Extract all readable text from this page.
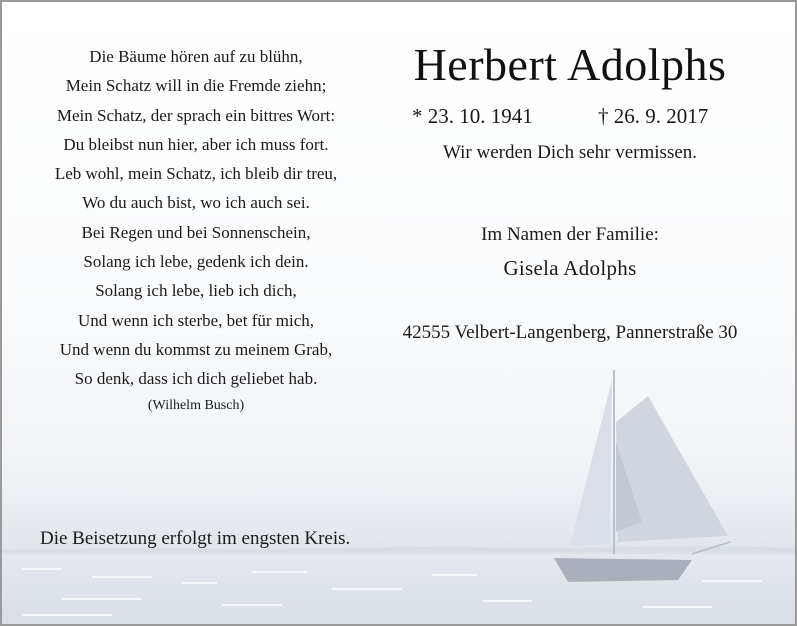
Die Bäume hören auf zu blühn,
Mein Schatz will in die Fremde ziehn;
Mein Schatz, der sprach ein bittres Wort:
Du bleibst nun hier, aber ich muss fort.
Leb wohl, mein Schatz, ich bleib dir treu,
Wo du auch bist, wo ich auch sei.
Bei Regen und bei Sonnenschein,
Solang ich lebe, gedenk ich dein.
Solang ich lebe, lieb ich dich,
Und wenn ich sterbe, bet für mich,
Und wenn du kommst zu meinem Grab,
So denk, dass ich dich geliebet hab.
(Wilhelm Busch)
Herbert Adolphs
* 23. 10. 1941	† 26. 9. 2017
Wir werden Dich sehr vermissen.
Im Namen der Familie:
Gisela Adolphs
42555 Velbert-Langenberg, Pannerstraße 30
Die Beisetzung erfolgt im engsten Kreis.
